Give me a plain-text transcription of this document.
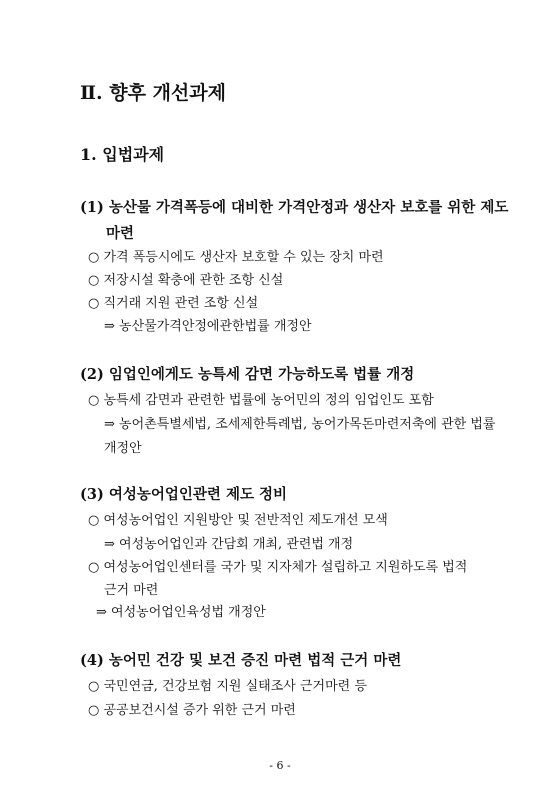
Ⅱ. 향후 개선과제
1. 입법과제
(1) 농산물 가격폭등에 대비한 가격안정과 생산자 보호를 위한 제도
마련
○ 가격 폭등시에도 생산자 보호할 수 있는 장치 마련
○ 저장시설 확충에 관한 조항 신설
○ 직거래 지원 관련 조항 신설
⇒ 농산물가격안정에관한법률 개정안
(2) 임업인에게도 농특세 감면 가능하도록 법률 개정
○ 농특세 감면과 관련한 법률에 농어민의 정의 임업인도 포함
⇒ 농어촌특별세법, 조세제한특례법, 농어가목돈마련저축에 관한 법률
개정안
(3) 여성농어업인관련 제도 정비
○ 여성농어업인 지원방안 및 전반적인 제도개선 모색
⇒ 여성농어업인과 간담회 개최, 관련법 개정
○ 여성농어업인센터를 국가 및 지자체가 설립하고 지원하도록 법적
근거 마련
⇒ 여성농어업인육성법 개정안
(4) 농어민 건강 및 보건 증진 마련 법적 근거 마련
○ 국민연금, 건강보험 지원 실태조사 근거마련 등
○ 공공보건시설 증가 위한 근거 마련
- 6 -
